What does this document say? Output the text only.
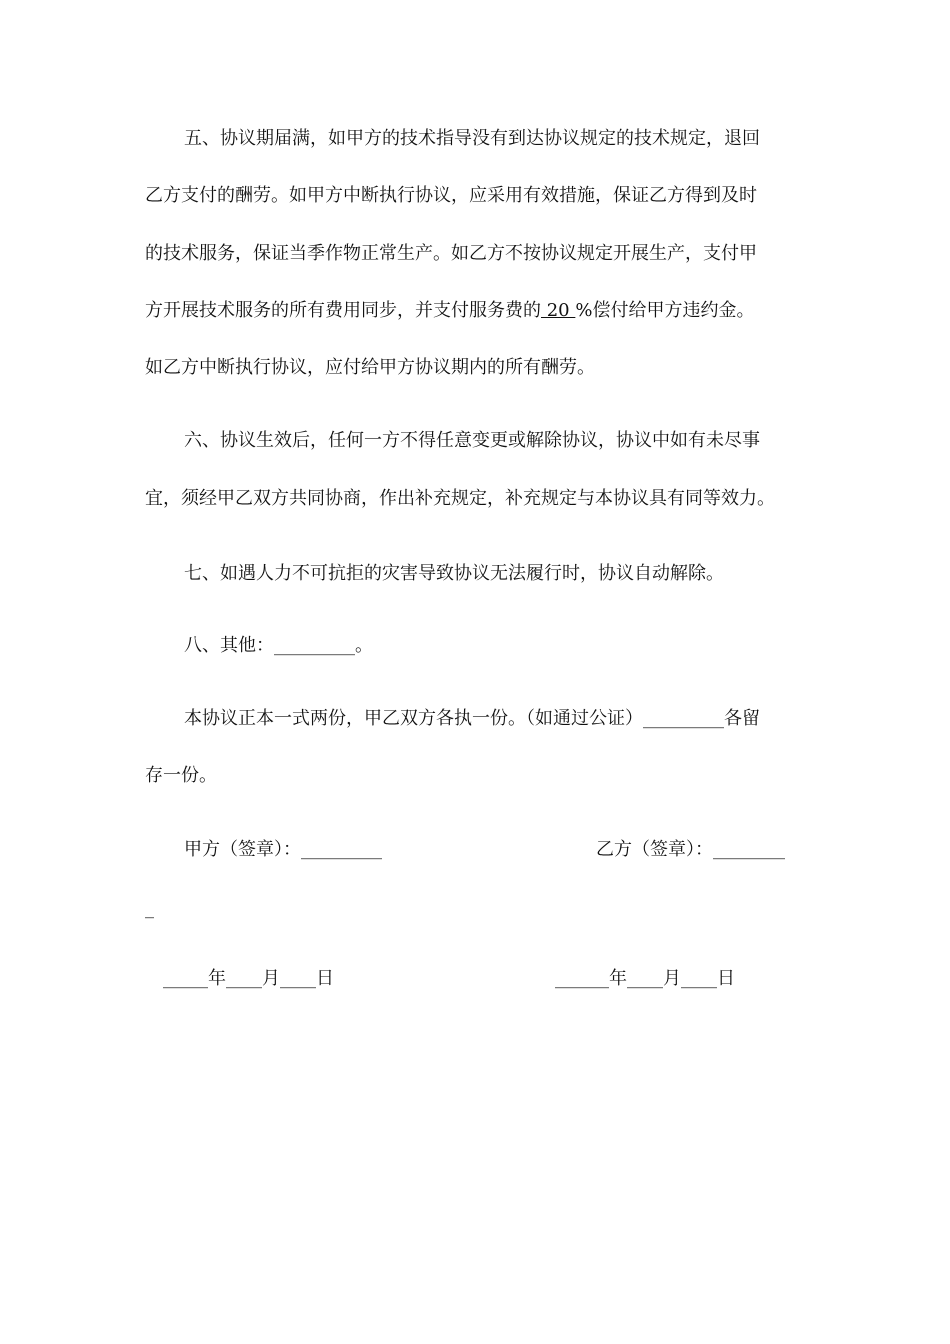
五、协议期届满，如甲方的技术指导没有到达协议规定的技术规定，退回
乙方支付的酬劳。如甲方中断执行协议，应采用有效措施，保证乙方得到及时
的技术服务，保证当季作物正常生产。如乙方不按协议规定开展生产，支付甲
方开展技术服务的所有费用同步，并支付服务费的 20 %偿付给甲方违约金。
如乙方中断执行协议，应付给甲方协议期内的所有酬劳。
六、协议生效后，任何一方不得任意变更或解除协议，协议中如有未尽事
宜，须经甲乙双方共同协商，作出补充规定，补充规定与本协议具有同等效力。
七、如遇人力不可抗拒的灾害导致协议无法履行时，协议自动解除。
八、其他：_________。
本协议正本一式两份，甲乙双方各执一份。（如通过公证）_________各留
存一份。
甲方（签章）：_________	乙方（签章）：________
_
_____年____月____日	______年____月____日
